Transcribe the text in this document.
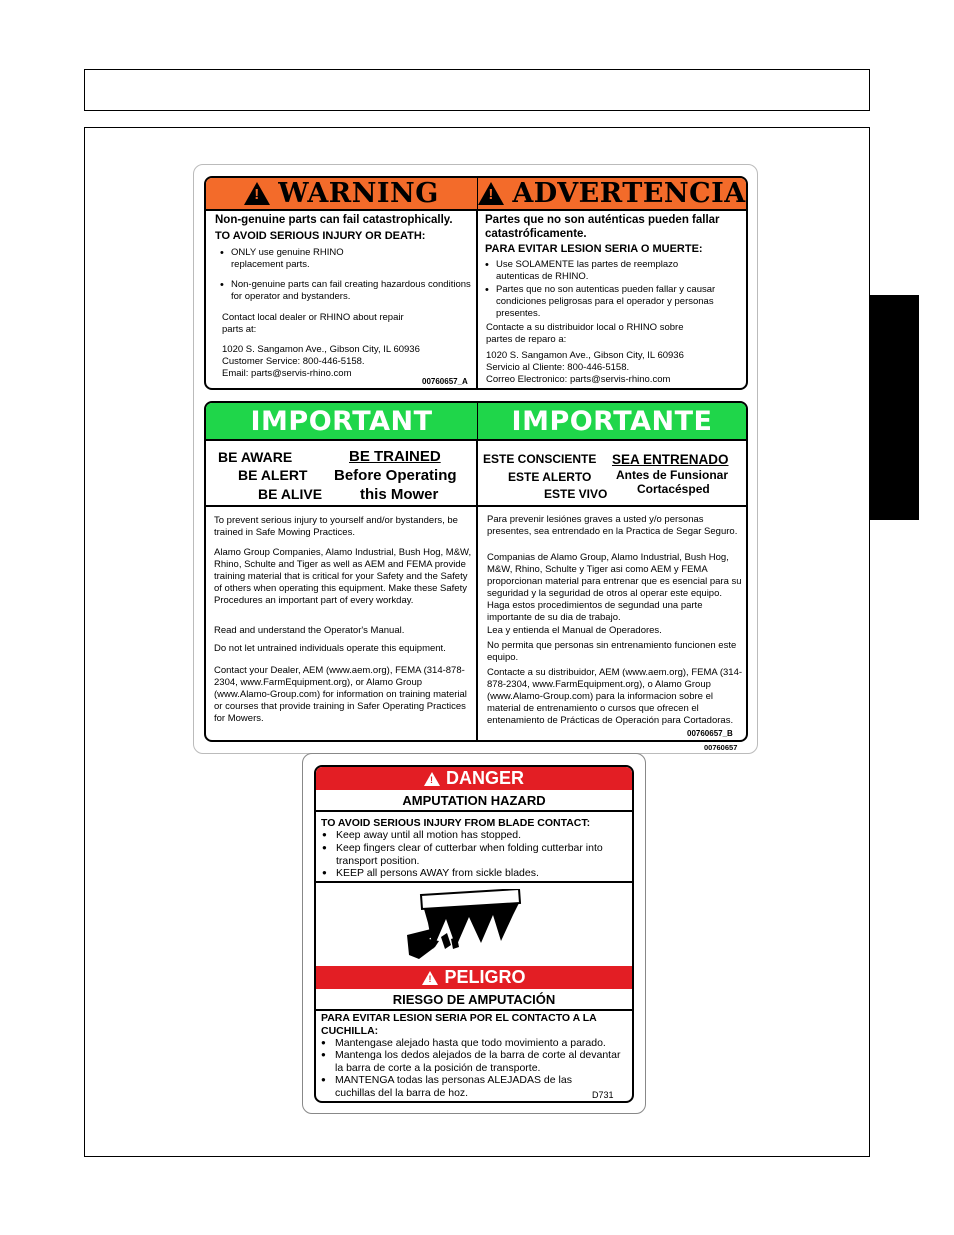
!
WARNING
!	ADVERTENCIA
Non-genuine parts can fail catastrophically.
TO AVOID SERIOUS INJURY OR DEATH:
• ONLY use genuine RHINO replacement parts.
• Non-genuine parts can fail creating hazardous conditions for operator and bystanders.
Contact local dealer or RHINO about repair parts at:
1020 S. Sangamon Ave., Gibson City, IL 60936
Customer Service: 800-446-5158.
Email: parts@servis-rhino.com
00760657_A
Partes que no son auténticas pueden fallar catastróficamente.
PARA EVITAR LESION SERIA O MUERTE:
• Use SOLAMENTE las partes de reemplazo autenticas de RHINO.
• Partes que no son autenticas pueden fallar y causar condiciones peligrosas para el operador y personas presentes.
Contacte a su distribuidor local o RHINO sobre partes de reparo a:
1020 S. Sangamon Ave., Gibson City, IL 60936
Servicio al Cliente: 800-446-5158.
Correo Electronico: parts@servis-rhino.com
IMPORTANT	IMPORTANTE
BE AWARE
BE ALERT
BE ALIVE
BE TRAINED
Before Operating
this Mower
ESTE CONSCIENTE
ESTE ALERTO
ESTE VIVO
SEA ENTRENADO
Antes de Funsionar
Cortacésped
To prevent serious injury to yourself and/or bystanders, be trained in Safe Mowing Practices.
Alamo Group Companies, Alamo Industrial, Bush Hog, M&W, Rhino, Schulte and Tiger as well as AEM and FEMA provide training material that is critical for your Safety and the Safety of others when operating this equipment. Make these Safety Procedures an important part of every workday.
Read and understand the Operator's Manual.
Do not let untrained individuals operate this equipment.
Contact your Dealer, AEM (www.aem.org), FEMA (314-878-2304, www.FarmEquipment.org), or Alamo Group (www.Alamo-Group.com) for information on training material or courses that provide training in Safer Operating Practices for Mowers.
Para prevenir lesiónes graves a usted y/o personas presentes, sea entrendado en la Practica de Segar Seguro.
Companias de Alamo Group, Alamo Industrial, Bush Hog, M&W, Rhino, Schulte y Tiger asi como AEM y FEMA proporcionan material para entrenar que es esencial para su seguridad y la seguridad de otros al operar este equipo. Haga estos procedimientos de segundad una parte importante de su dia de trabajo.
Lea y entienda el Manual de Operadores.
No permita que personas sin entrenamiento funcionen este equipo.
Contacte a su distribuidor, AEM (www.aem.org), FEMA (314-878-2304, www.FarmEquipment.org), o Alamo Group (www.Alamo-Group.com) para la informacion sobre el material de entrenamiento o cursos que ofrecen el entenamiento de Prácticas de Operación para Cortadoras.
00760657_B
00760657
!
DANGER
AMPUTATION HAZARD
TO AVOID SERIOUS INJURY FROM BLADE CONTACT:
● Keep away until all motion has stopped.
● Keep fingers clear of cutterbar when folding cutterbar into transport position.
● KEEP all persons AWAY from sickle blades.
!
PELIGRO
RIESGO DE AMPUTACIÓN
PARA EVITAR LESION SERIA POR EL CONTACTO A LA CUCHILLA:
● Mantengase alejado hasta que todo movimiento a parado.
● Mantenga los dedos alejados de la barra de corte al devantar la barra de corte a la posición de transporte.
● MANTENGA todas las personas ALEJADAS de las cuchillas del la barra de hoz.	D731
